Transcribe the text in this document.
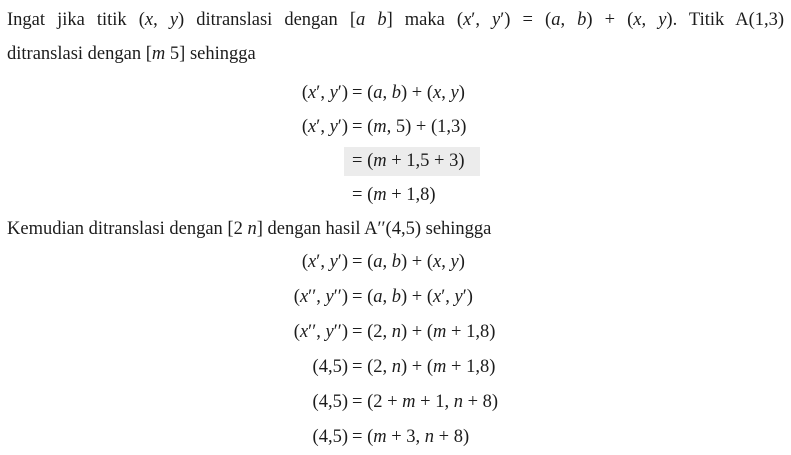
Ingat jika titik (x, y) ditranslasi dengan [a b] maka (x′, y′) = (a, b) + (x, y). Titik A(1,3)

ditranslasi dengan [m 5] sehingga

(x′, y′) = (a, b) + (x, y)
(x′, y′) = (m, 5) + (1,3)
= (m + 1,5 + 3)
= (m + 1,8)

Kemudian ditranslasi dengan [2 n] dengan hasil A′′(4,5) sehingga

(x′, y′) = (a, b) + (x, y)
(x′′, y′′) = (a, b) + (x′, y′)
(x′′, y′′) = (2, n) + (m + 1,8)
(4,5) = (2, n) + (m + 1,8)
(4,5) = (2 + m + 1, n + 8)
(4,5) = (m + 3, n + 8)
